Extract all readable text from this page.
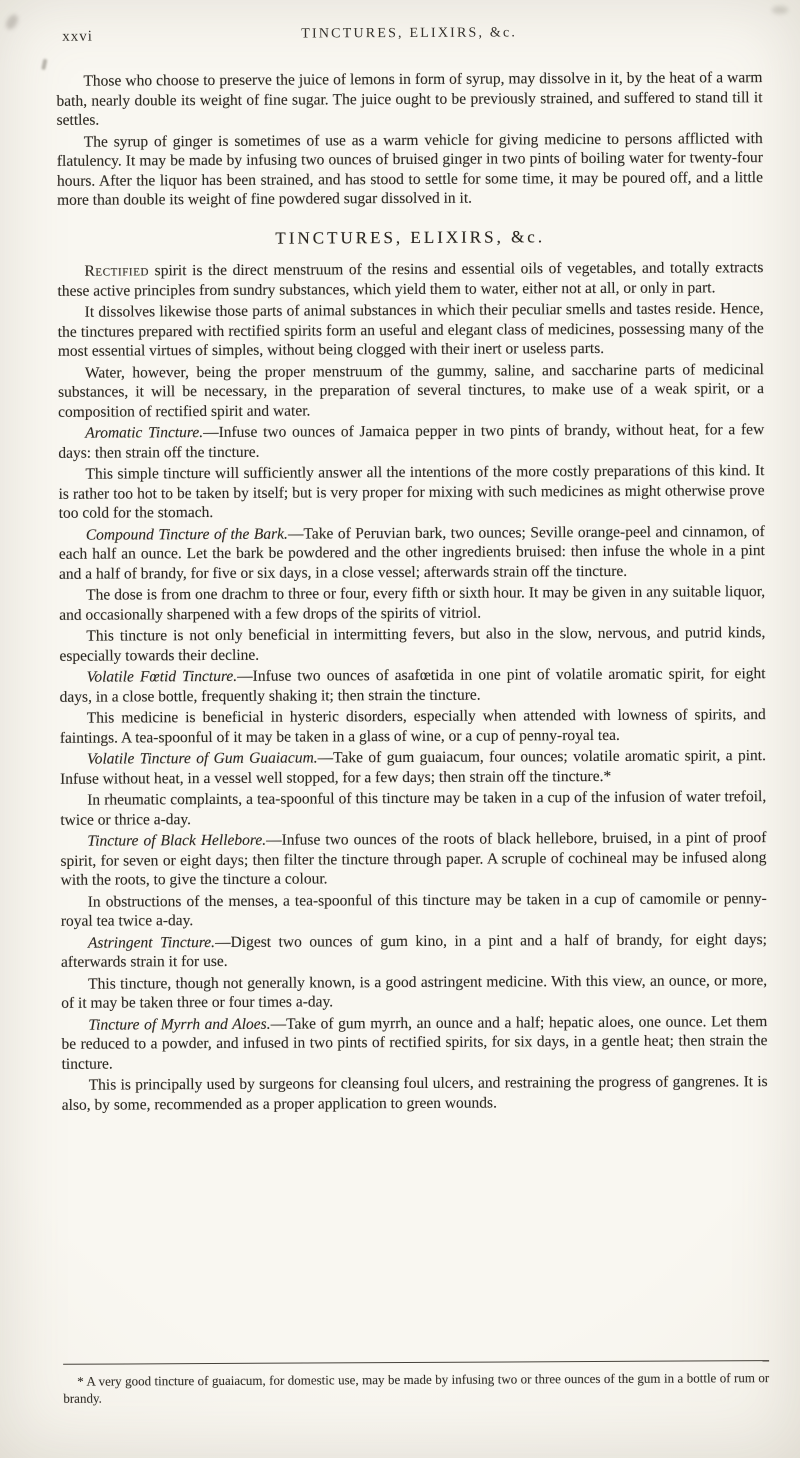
xxvi	TINCTURES, ELIXIRS, &c.

Those who choose to preserve the juice of lemons in form of syrup, may dissolve in it, by the heat of a warm bath, nearly double its weight of fine sugar. The juice ought to be previously strained, and suffered to stand till it settles.

The syrup of ginger is sometimes of use as a warm vehicle for giving medicine to persons afflicted with flatulency. It may be made by infusing two ounces of bruised ginger in two pints of boiling water for twenty-four hours. After the liquor has been strained, and has stood to settle for some time, it may be poured off, and a little more than double its weight of fine powdered sugar dissolved in it.

TINCTURES, ELIXIRS, &c.

Rectified spirit is the direct menstruum of the resins and essential oils of vegetables, and totally extracts these active principles from sundry substances, which yield them to water, either not at all, or only in part.

It dissolves likewise those parts of animal substances in which their peculiar smells and tastes reside. Hence, the tinctures prepared with rectified spirits form an useful and elegant class of medicines, possessing many of the most essential virtues of simples, without being clogged with their inert or useless parts.

Water, however, being the proper menstruum of the gummy, saline, and saccharine parts of medicinal substances, it will be necessary, in the preparation of several tinctures, to make use of a weak spirit, or a composition of rectified spirit and water.

Aromatic Tincture.—Infuse two ounces of Jamaica pepper in two pints of brandy, without heat, for a few days: then strain off the tincture.

This simple tincture will sufficiently answer all the intentions of the more costly preparations of this kind. It is rather too hot to be taken by itself; but is very proper for mixing with such medicines as might otherwise prove too cold for the stomach.

Compound Tincture of the Bark.—Take of Peruvian bark, two ounces; Seville orange-peel and cinnamon, of each half an ounce. Let the bark be powdered and the other ingredients bruised: then infuse the whole in a pint and a half of brandy, for five or six days, in a close vessel; afterwards strain off the tincture.

The dose is from one drachm to three or four, every fifth or sixth hour. It may be given in any suitable liquor, and occasionally sharpened with a few drops of the spirits of vitriol.

This tincture is not only beneficial in intermitting fevers, but also in the slow, nervous, and putrid kinds, especially towards their decline.

Volatile Fœtid Tincture.—Infuse two ounces of asafœtida in one pint of volatile aromatic spirit, for eight days, in a close bottle, frequently shaking it; then strain the tincture.

This medicine is beneficial in hysteric disorders, especially when attended with lowness of spirits, and faintings. A tea-spoonful of it may be taken in a glass of wine, or a cup of penny-royal tea.

Volatile Tincture of Gum Guaiacum.—Take of gum guaiacum, four ounces; volatile aromatic spirit, a pint. Infuse without heat, in a vessel well stopped, for a few days; then strain off the tincture.*

In rheumatic complaints, a tea-spoonful of this tincture may be taken in a cup of the infusion of water trefoil, twice or thrice a-day.

Tincture of Black Hellebore.—Infuse two ounces of the roots of black hellebore, bruised, in a pint of proof spirit, for seven or eight days; then filter the tincture through paper. A scruple of cochineal may be infused along with the roots, to give the tincture a colour.

In obstructions of the menses, a tea-spoonful of this tincture may be taken in a cup of camomile or penny-royal tea twice a-day.

Astringent Tincture.—Digest two ounces of gum kino, in a pint and a half of brandy, for eight days; afterwards strain it for use.

This tincture, though not generally known, is a good astringent medicine. With this view, an ounce, or more, of it may be taken three or four times a-day.

Tincture of Myrrh and Aloes.—Take of gum myrrh, an ounce and a half; hepatic aloes, one ounce. Let them be reduced to a powder, and infused in two pints of rectified spirits, for six days, in a gentle heat; then strain the tincture.

This is principally used by surgeons for cleansing foul ulcers, and restraining the progress of gangrenes. It is also, by some, recommended as a proper application to green wounds.

* A very good tincture of guaiacum, for domestic use, may be made by infusing two or three ounces of the gum in a bottle of rum or brandy.
